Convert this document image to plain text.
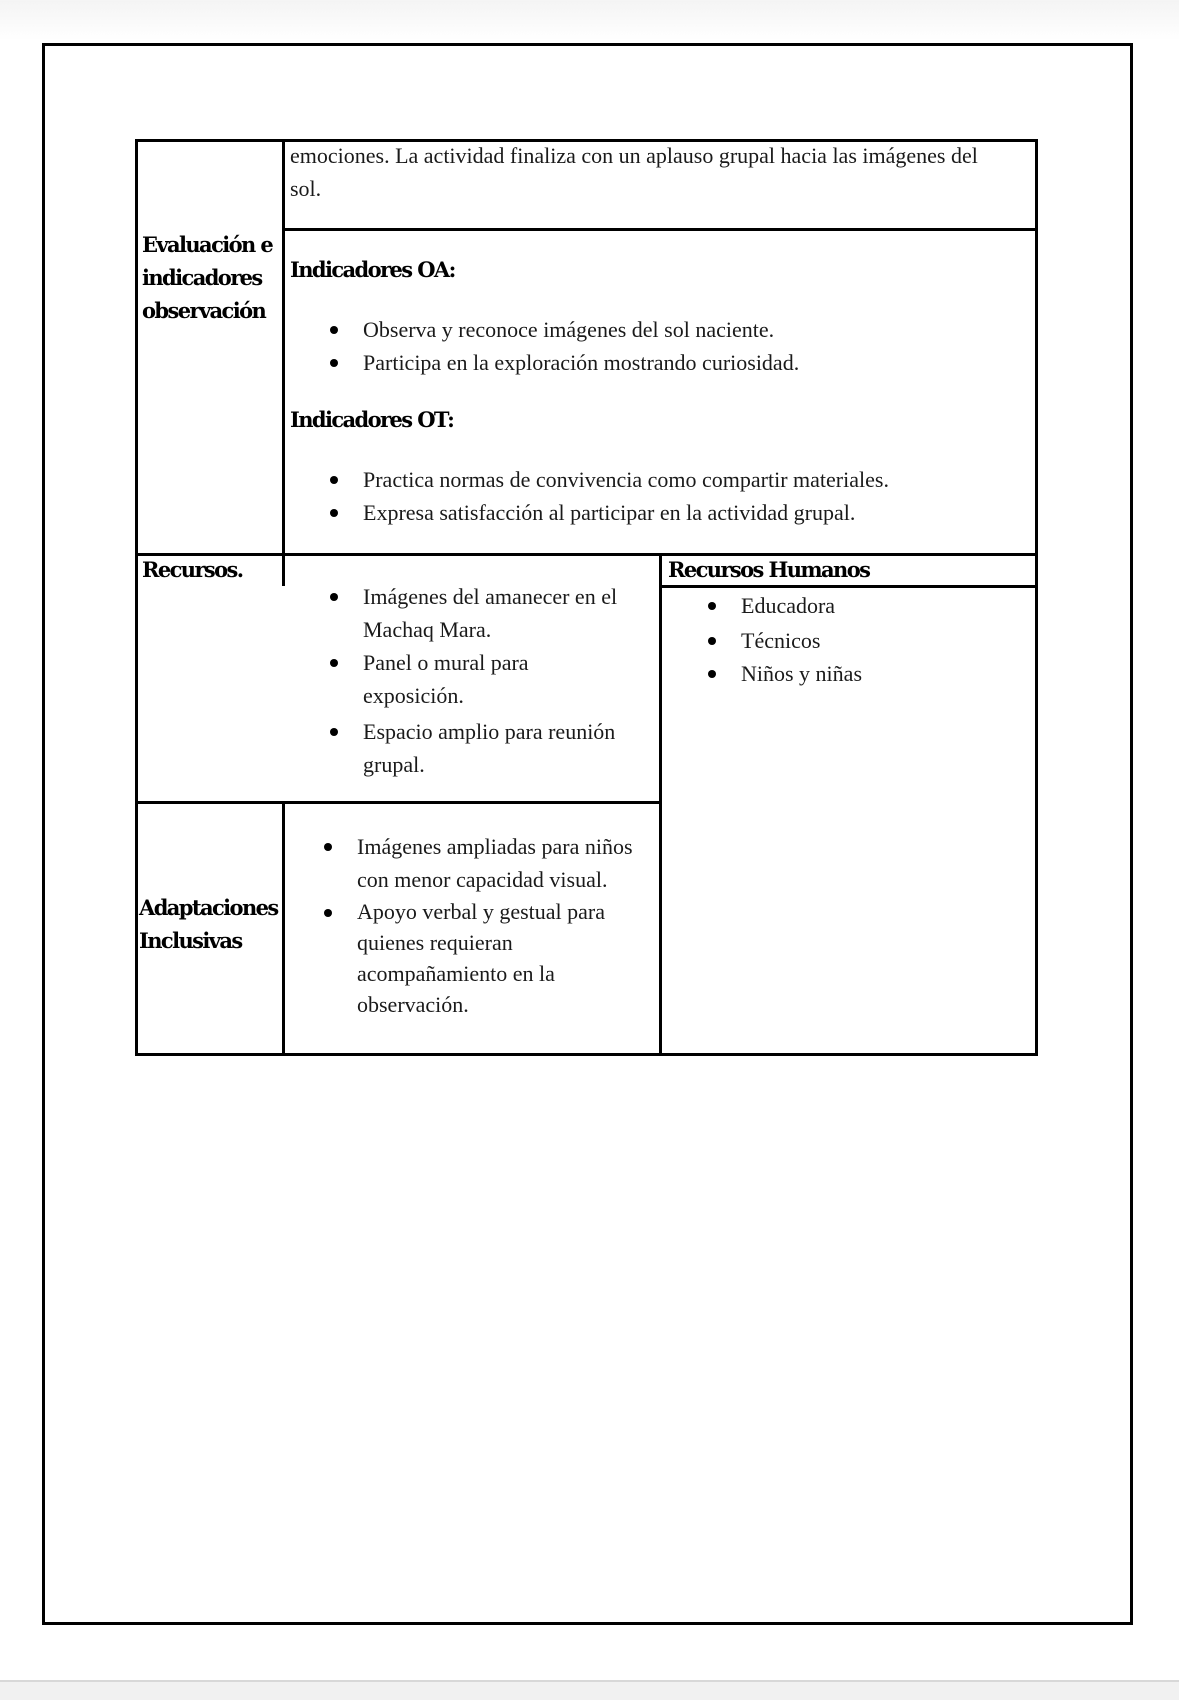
emociones. La actividad finaliza con un aplauso grupal hacia las imágenes del
sol.
Evaluación e
indicadores
observación
Indicadores OA:
Observa y reconoce imágenes del sol naciente.
Participa en la exploración mostrando curiosidad.
Indicadores OT:
Practica normas de convivencia como compartir materiales.
Expresa satisfacción al participar en la actividad grupal.
Recursos.
Imágenes del amanecer en el
Machaq Mara.
Panel o mural para
exposición.
Espacio amplio para reunión
grupal.
Recursos Humanos
Educadora
Técnicos
Niños y niñas
Adaptaciones
Inclusivas
Imágenes ampliadas para niños
con menor capacidad visual.
Apoyo verbal y gestual para
quienes requieran
acompañamiento en la
observación.
